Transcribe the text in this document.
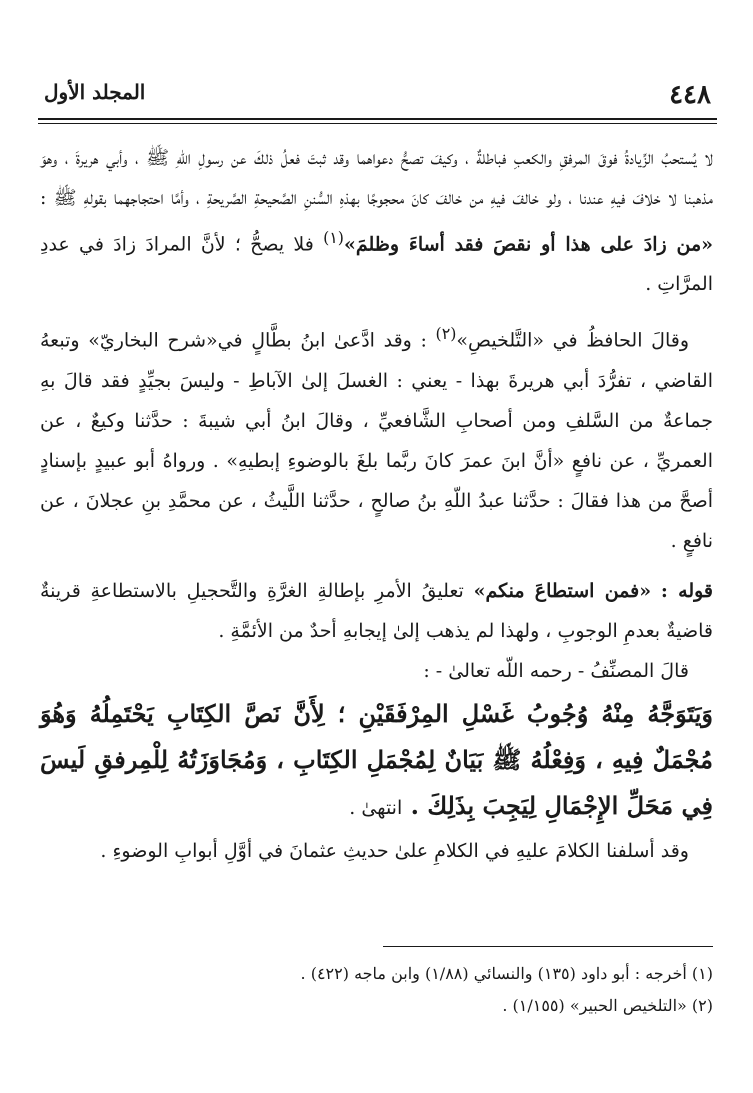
٤٤٨
المجلد الأول

لا يُستحبُ الزِّيادةُ فوقَ المرفقِ والكعبِ فباطلةٌ ، وكيفَ تصحُّ دعواهما وقد ثبتَ فعلُ ذلكَ عن رسولِ اللّهِ ﷺ ، وأبي هريرةَ ، وهوَ مذهبنا لا خلافَ فيهِ عندنا ، ولو خالفَ فيهِ من خالفَ كانَ محجوجًا بهذهِ السُّننِ الصَّحيحةِ الصَّريحةِ ، وأمَّا احتجاجهما بقولهِ ﷺ : «من زادَ على هذا أو نقصَ فقد أساءَ وظلمَ»$^{(١)}$ فلا يصحُّ ؛ لأنَّ المرادَ زادَ في عددِ المرَّاتِ .

وقالَ الحافظُ في «التَّلخيصِ»$^{(٢)}$ : وقد ادَّعىٰ ابنُ بطَّالٍ في«شرح البخاريّ» وتبعهُ القاضي ، تفرُّدَ أبي هريرةَ بهذا - يعني : الغسلَ إلىٰ الآباطِ - وليسَ بجيِّدٍ فقد قالَ بهِ جماعةٌ من السَّلفِ ومن أصحابِ الشَّافعيِّ ، وقالَ ابنُ أبي شيبةَ : حدَّثنا وكيعٌ ، عن العمريِّ ، عن نافعٍ «أنَّ ابنَ عمرَ كانَ ربَّما بلغَ بالوضوءِ إبطيهِ» . ورواهُ أبو عبيدٍ بإسنادٍ أصحَّ من هذا فقالَ : حدَّثنا عبدُ اللّهِ بنُ صالحٍ ، حدَّثنا اللَّيثُ ، عن محمَّدِ بنِ عجلانَ ، عن نافعٍ .

قوله : «فمن استطاعَ منكم» تعليقُ الأمرِ بإطالةِ الغرَّةِ والتَّحجيلِ بالاستطاعةِ قرينةٌ قاضيةٌ بعدمِ الوجوبِ ، ولهذا لم يذهب إلىٰ إيجابهِ أحدٌ من الأئمَّةِ .

قالَ المصنِّفُ - رحمه اللّه تعالىٰ - :

وَيَتَوَجَّهُ مِنْهُ وُجُوبُ غَسْلِ المِرْفَقَيْنِ ؛ لِأَنَّ نَصَّ الكِتَابِ يَحْتَمِلُهُ وَهُوَ مُجْمَلٌ فِيهِ ، وَفِعْلُهُ ﷺ بَيَانٌ لِمُجْمَلِ الكِتَابِ ، وَمُجَاوَزَتُهُ لِلْمِرفقِ لَيسَ فِي مَحَلِّ الإِجْمَالِ لِيَجِبَ بِذَلِكَ . انتهىٰ .

وقد أسلفنا الكلامَ عليهِ في الكلامِ علىٰ حديثِ عثمانَ في أوَّلِ أبوابِ الوضوءِ .

(١) أخرجه : أبو داود (١٣٥) والنسائي (١/٨٨) وابن ماجه (٤٢٢) .

(٢) «التلخيص الحبير» (١/١٥٥) .
